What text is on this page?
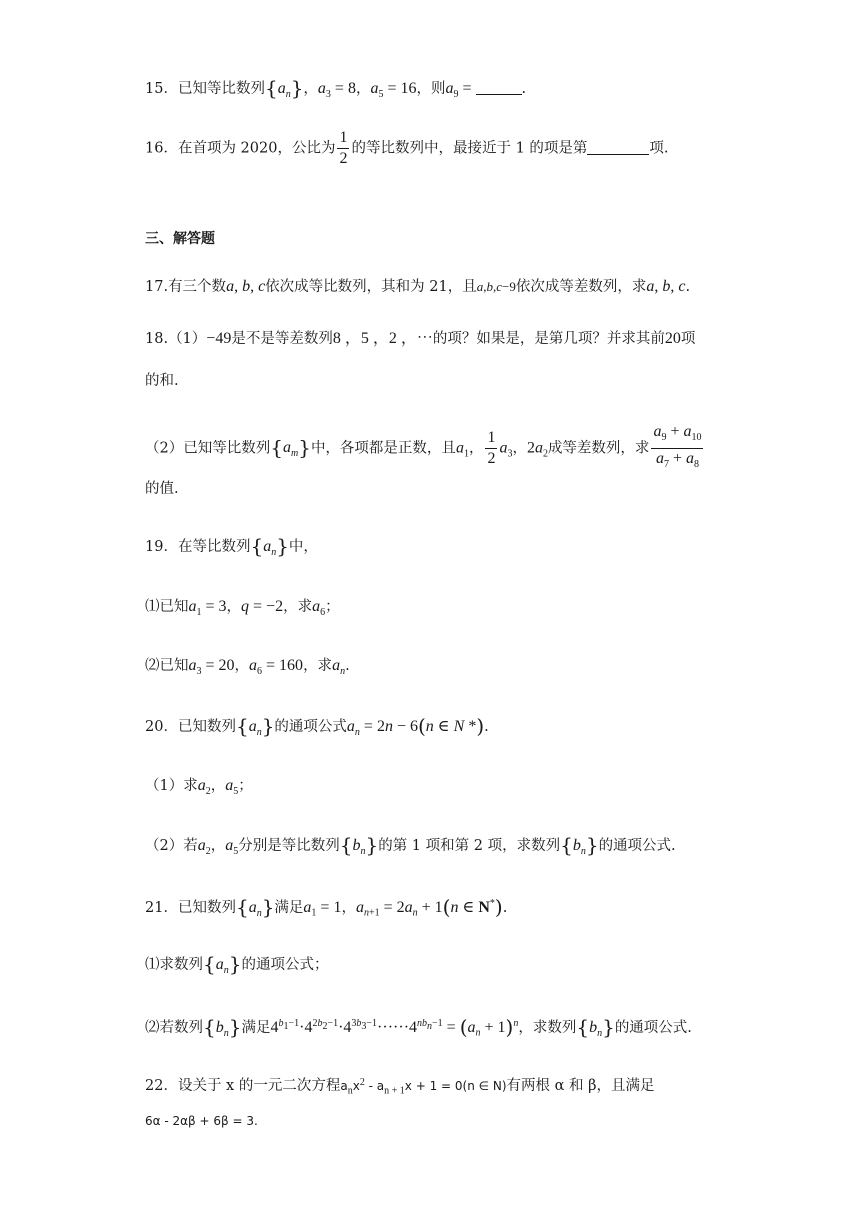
15．已知等比数列$\{a_n\}$，$a_3 = 8$，$a_5 = 16$，则$a_9$ =	.
16．在首项为 2020，公比为 $\frac{1}{2}$ 的等比数列中，最接近于 1 的项是第	项.
三、解答题
17.有三个数a, b, c依次成等比数列，其和为 21，且a,b,c−9依次成等差数列，求a, b, c.
18.（1）−49是不是等差数列8 ，5 ，2 ，⋯的项？如果是，是第几项？并求其前20项
的和.
（2）已知等比数列$\{a_m\}$中，各项都是正数，且$a_1$， $\frac{1}{2} a_3$，$2a_2$成等差数列，求 $\frac{a_9 + a_{10}}{a_7 + a_8}$
的值.
19．在等比数列$\{a_n\}$中，
⑴已知$a_1 = 3$，q = −2，求$a_6$；
⑵已知$a_3 = 20$，$a_6 = 160$，求$a_n$.
20．已知数列$\{a_n\}$的通项公式$a_n = 2n - 6(n$ ∈ N *).
（1）求$a_2$，$a_5$；
（2）若$a_2$，$a_5$分别是等比数列$\{b_n\}$的第 1 项和第 2 项，求数列$\{b_n\}$的通项公式.
21．已知数列$\{a_n\}$满足$a_1 = 1$，$a_{n+1} = 2a_n + 1(n$ ∈ N*).
⑴求数列$\{a_n\}$的通项公式；
⑵若数列$\{b_n\}$满足$4^{b_1-1}\cdot 4^{2b_2-1}\cdot 4^{3b_3-1}\cdot\cdot\cdot\cdot\cdot\cdot 4^{nb_n-1} = (a_n + 1)^n$，求数列$\{b_n\}$的通项公式.
22．设关于 x 的一元二次方程$a_nx^2 - a_{n + 1}x + 1 = 0(n$ ∈ N)有两根 α 和 β，且满足
6α - 2αβ + 6β = 3.
